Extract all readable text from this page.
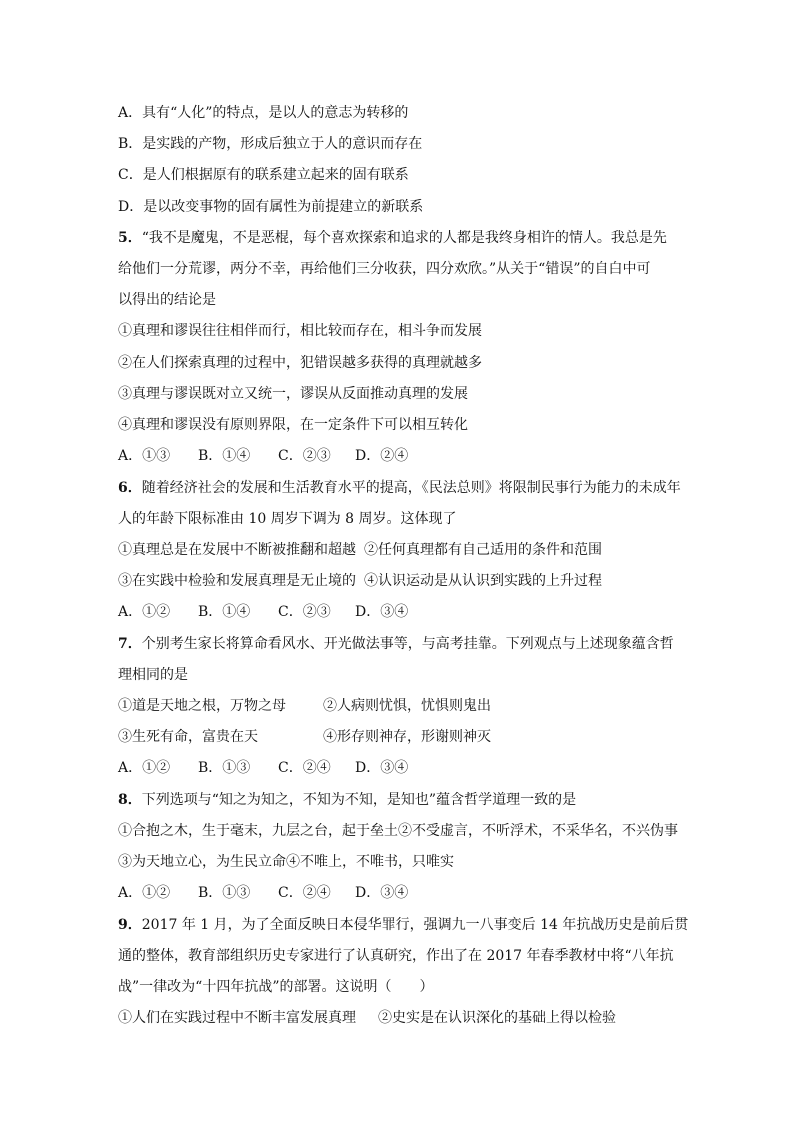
A．具有“人化”的特点，是以人的意志为转移的
B．是实践的产物，形成后独立于人的意识而存在
C．是人们根据原有的联系建立起来的固有联系
D．是以改变事物的固有属性为前提建立的新联系
5．“我不是魔鬼，不是恶棍，每个喜欢探索和追求的人都是我终身相许的情人。我总是先
给他们一分荒谬，两分不幸，再给他们三分收获，四分欢欣。”从关于“错误”的自白中可
以得出的结论是
①真理和谬误往往相伴而行，相比较而存在，相斗争而发展
②在人们探索真理的过程中，犯错误越多获得的真理就越多
③真理与谬误既对立又统一，谬误从反面推动真理的发展
④真理和谬误没有原则界限，在一定条件下可以相互转化
A．①③ B．①④ C．②③ D．②④
6．随着经济社会的发展和生活教育水平的提高，《民法总则》将限制民事行为能力的未成年
人的年龄下限标准由 10 周岁下调为 8 周岁。这体现了
①真理总是在发展中不断被推翻和超越 ②任何真理都有自己适用的条件和范围
③在实践中检验和发展真理是无止境的 ④认识运动是从认识到实践的上升过程
A．①② B．①④ C．②③ D．③④
7．个别考生家长将算命看风水、开光做法事等，与高考挂靠。下列观点与上述现象蕴含哲
理相同的是
①道是天地之根，万物之母	②人病则忧惧，忧惧则鬼出
③生死有命，富贵在天	④形存则神存，形谢则神灭
A．①② B．①③ C．②④ D．③④
8．下列选项与“知之为知之，不知为不知，是知也”蕴含哲学道理一致的是
①合抱之木，生于毫末，九层之台，起于垒土②不受虚言，不听浮术，不采华名，不兴伪事
③为天地立心，为生民立命④不唯上，不唯书，只唯实
A．①② B．①③ C．②④ D．③④
9．2017 年 1 月，为了全面反映日本侵华罪行，强调九一八事变后 14 年抗战历史是前后贯
通的整体，教育部组织历史专家进行了认真研究，作出了在 2017 年春季教材中将“八年抗
战”一律改为“十四年抗战”的部署。这说明（　　）
①人们在实践过程中不断丰富发展真理 ②史实是在认识深化的基础上得以检验
